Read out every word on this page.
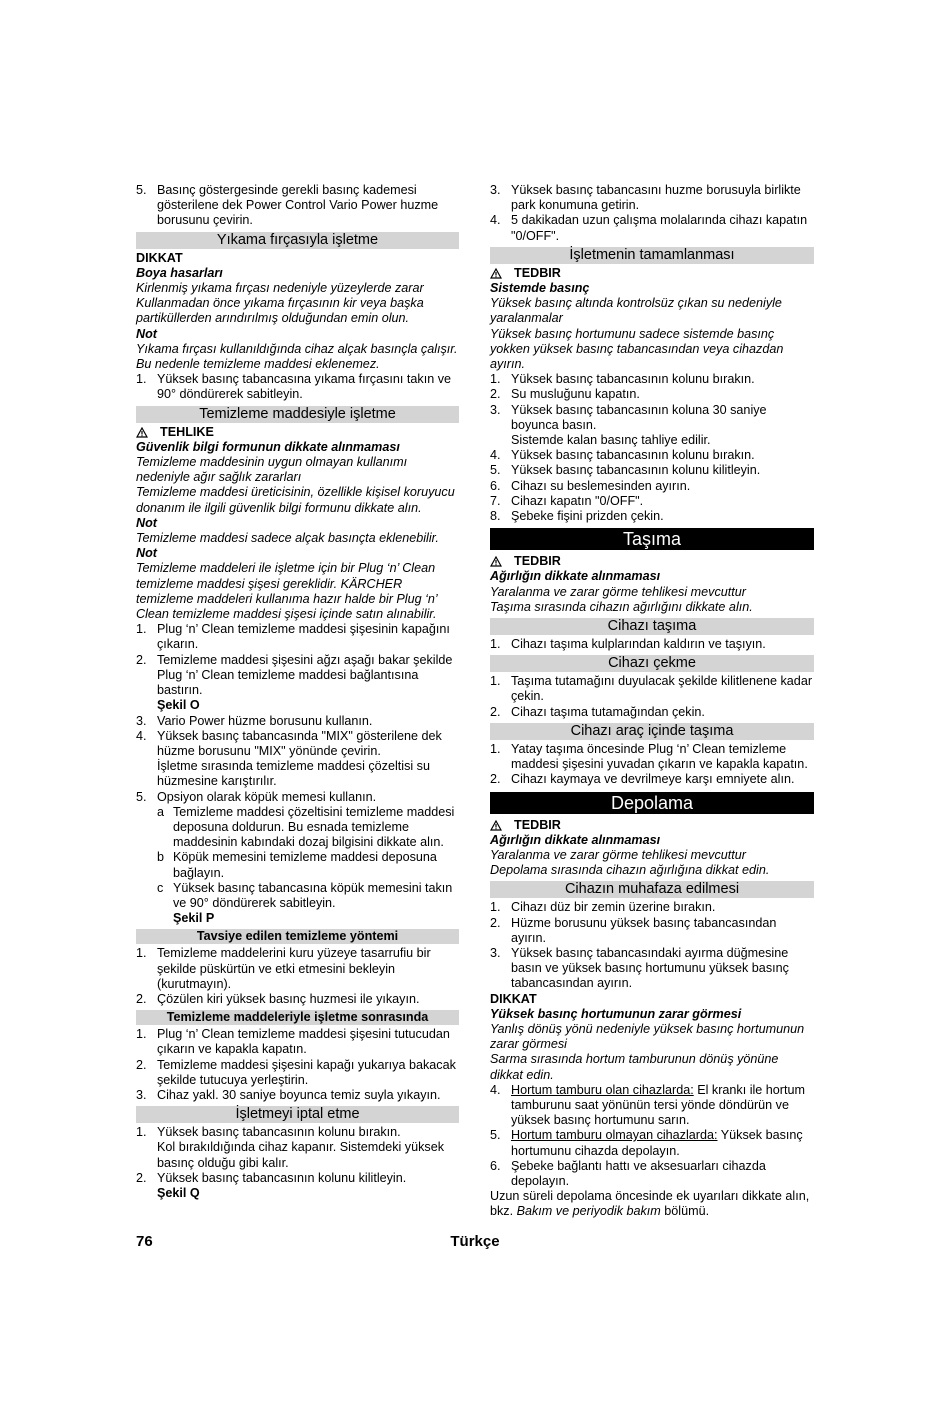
5. Basınç göstergesinde gerekli basınç kademesi gösterilene dek Power Control Vario Power huzme borusunu çevirin.
Yıkama fırçasıyla işletme
DIKKAT
Boya hasarları
Kirlenmiş yıkama fırçası nedeniyle yüzeylerde zarar Kullanmadan önce yıkama fırçasının kir veya başka partiküllerden arındırılmış olduğundan emin olun.
Not
Yıkama fırçası kullanıldığında cihaz alçak basınçla çalışır. Bu nedenle temizleme maddesi eklenemez.
1. Yüksek basınç tabancasına yıkama fırçasını takın ve 90° döndürerek sabitleyin.
Temizleme maddesiyle işletme
TEHLIKE
Güvenlik bilgi formunun dikkate alınmaması
Temizleme maddesinin uygun olmayan kullanımı nedeniyle ağır sağlık zararları
Temizleme maddesi üreticisinin, özellikle kişisel koruyucu donanım ile ilgili güvenlik bilgi formunu dikkate alın.
Not
Temizleme maddesi sadece alçak basınçta eklenebilir.
Not
Temizleme maddeleri ile işletme için bir Plug ‘n’ Clean temizleme maddesi şişesi gereklidir. KÄRCHER temizleme maddeleri kullanıma hazır halde bir Plug ‘n’ Clean temizleme maddesi şişesi içinde satın alınabilir.
1. Plug ‘n’ Clean temizleme maddesi şişesinin kapağını çıkarın.
2. Temizleme maddesi şişesini ağzı aşağı bakar şekilde Plug ‘n’ Clean temizleme maddesi bağlantısına bastırın.
Şekil O
3. Vario Power hüzme borusunu kullanın.
4. Yüksek basınç tabancasında "MIX" gösterilene dek hüzme borusunu "MIX" yönünde çevirin.
İşletme sırasında temizleme maddesi çözeltisi su hüzmesine karıştırılır.
5. Opsiyon olarak köpük memesi kullanın.
a Temizleme maddesi çözeltisini temizleme maddesi deposuna doldurun. Bu esnada temizleme maddesinin kabındaki dozaj bilgisini dikkate alın.
b Köpük memesini temizleme maddesi deposuna bağlayın.
c Yüksek basınç tabancasına köpük memesini takın ve 90° döndürerek sabitleyin.
Şekil P
Tavsiye edilen temizleme yöntemi
1. Temizleme maddelerini kuru yüzeye tasarrufiu bir şekilde püskürtün ve etki etmesini bekleyin (kurutmayın).
2. Çözülen kiri yüksek basınç huzmesi ile yıkayın.
Temizleme maddeleriyle işletme sonrasında
1. Plug ‘n’ Clean temizleme maddesi şişesini tutucudan çıkarın ve kapakla kapatın.
2. Temizleme maddesi şişesini kapağı yukarıya bakacak şekilde tutucuya yerleştirin.
3. Cihaz yakl. 30 saniye boyunca temiz suyla yıkayın.
İşletmeyi iptal etme
1. Yüksek basınç tabancasının kolunu bırakın.
Kol bırakıldığında cihaz kapanır. Sistemdeki yüksek basınç olduğu gibi kalır.
2. Yüksek basınç tabancasının kolunu kilitleyin.
Şekil Q
3. Yüksek basınç tabancasını huzme borusuyla birlikte park konumuna getirin.
4. 5 dakikadan uzun çalışma molalarında cihazı kapatın "0/OFF".
İşletmenin tamamlanması
TEDBIR
Sistemde basınç
Yüksek basınç altında kontrolsüz çıkan su nedeniyle yaralanmalar
Yüksek basınç hortumunu sadece sistemde basınç yokken yüksek basınç tabancasından veya cihazdan ayırın.
1. Yüksek basınç tabancasının kolunu bırakın.
2. Su musluğunu kapatın.
3. Yüksek basınç tabancasının koluna 30 saniye boyunca basın.
Sistemde kalan basınç tahliye edilir.
4. Yüksek basınç tabancasının kolunu bırakın.
5. Yüksek basınç tabancasının kolunu kilitleyin.
6. Cihazı su beslemesinden ayırın.
7. Cihazı kapatın "0/OFF".
8. Şebeke fişini prizden çekin.
Taşıma
TEDBIR
Ağırlığın dikkate alınmaması
Yaralanma ve zarar görme tehlikesi mevcuttur
Taşıma sırasında cihazın ağırlığını dikkate alın.
Cihazı taşıma
1. Cihazı taşıma kulplarından kaldırın ve taşıyın.
Cihazı çekme
1. Taşıma tutamağını duyulacak şekilde kilitlenene kadar çekin.
2. Cihazı taşıma tutamağından çekin.
Cihazı araç içinde taşıma
1. Yatay taşıma öncesinde Plug ‘n’ Clean temizleme maddesi şişesini yuvadan çıkarın ve kapakla kapatın.
2. Cihazı kaymaya ve devrilmeye karşı emniyete alın.
Depolama
TEDBIR
Ağırlığın dikkate alınmaması
Yaralanma ve zarar görme tehlikesi mevcuttur
Depolama sırasında cihazın ağırlığına dikkat edin.
Cihazın muhafaza edilmesi
1. Cihazı düz bir zemin üzerine bırakın.
2. Hüzme borusunu yüksek basınç tabancasından ayırın.
3. Yüksek basınç tabancasındaki ayırma düğmesine basın ve yüksek basınç hortumunu yüksek basınç tabancasından ayırın.
DIKKAT
Yüksek basınç hortumunun zarar görmesi
Yanlış dönüş yönü nedeniyle yüksek basınç hortumunun zarar görmesi
Sarma sırasında hortum tamburunun dönüş yönüne dikkat edin.
4. Hortum tamburu olan cihazlarda: El krankı ile hortum tamburunu saat yönünün tersi yönde döndürün ve yüksek basınç hortumunu sarın.
5. Hortum tamburu olmayan cihazlarda: Yüksek basınç hortumunu cihazda depolayın.
6. Şebeke bağlantı hattı ve aksesuarları cihazda depolayın.
Uzun süreli depolama öncesinde ek uyarıları dikkate alın, bkz. Bakım ve periyodik bakım bölümü.
76	Türkçe
